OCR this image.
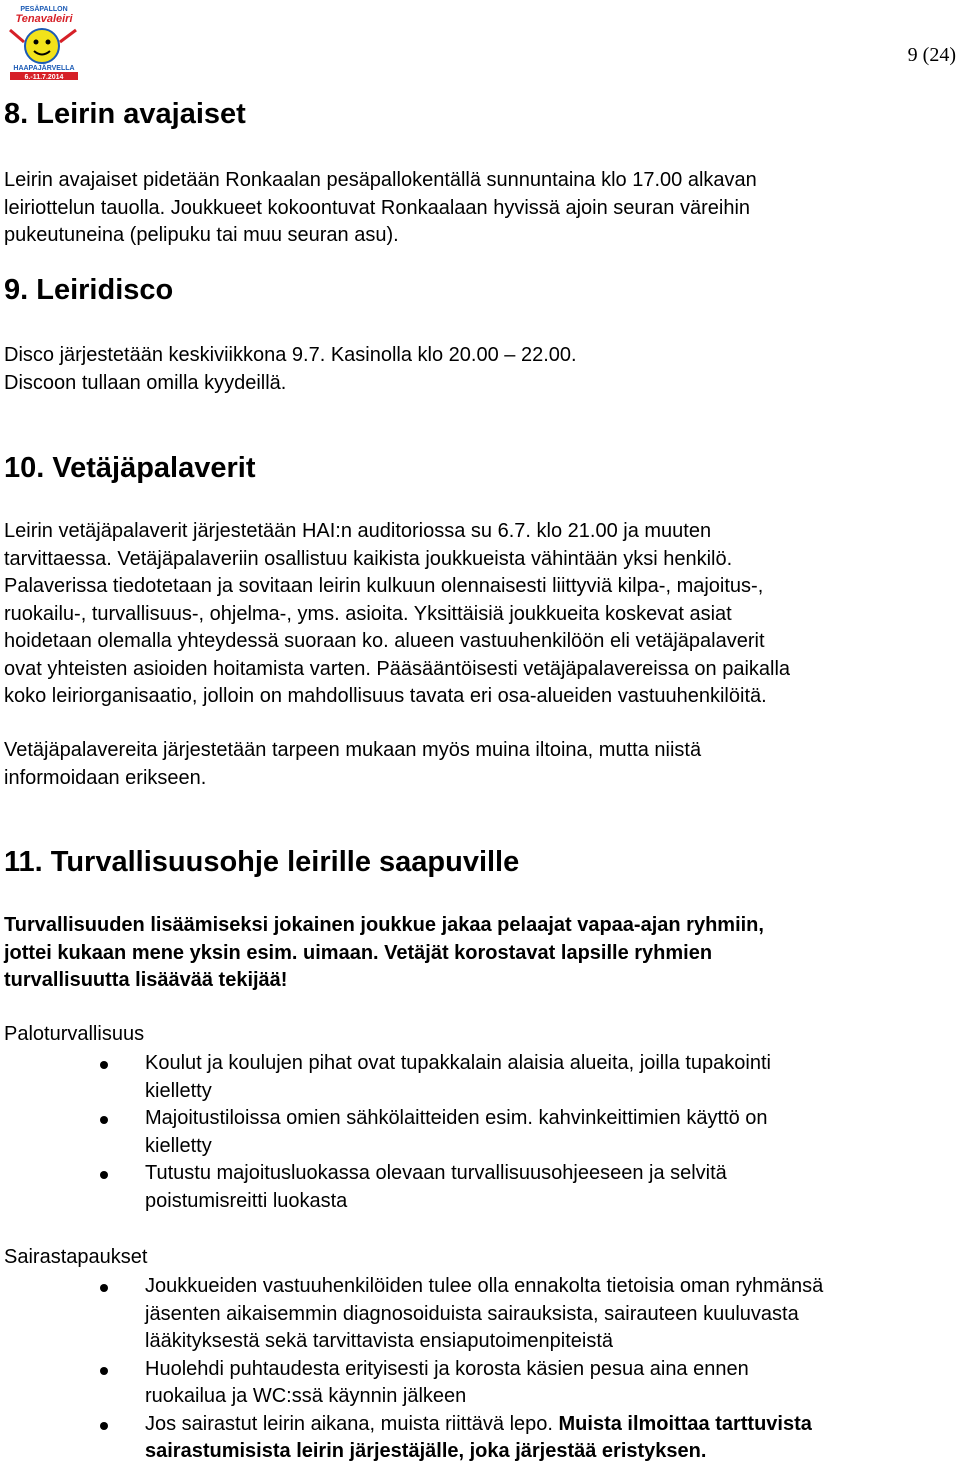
PESÄPALLON
Tenavaleiri
HAAPAJÄRVELLA
6.-11.7.2014
9 (24)
8. Leirin avajaiset

Leirin avajaiset pidetään Ronkaalan pesäpallokentällä sunnuntaina klo 17.00 alkavan
leiriottelun tauolla. Joukkueet kokoontuvat Ronkaalaan hyvissä ajoin seuran väreihin
pukeutuneina (pelipuku tai muu seuran asu).

9. Leiridisco

Disco järjestetään keskiviikkona 9.7. Kasinolla klo 20.00 – 22.00.
Discoon tullaan omilla kyydeillä.

10. Vetäjäpalaverit

Leirin vetäjäpalaverit järjestetään HAI:n auditoriossa su 6.7. klo 21.00 ja muuten
tarvittaessa. Vetäjäpalaveriin osallistuu kaikista joukkueista vähintään yksi henkilö.
Palaverissa tiedotetaan ja sovitaan leirin kulkuun olennaisesti liittyviä kilpa-, majoitus-,
ruokailu-, turvallisuus-, ohjelma-, yms. asioita. Yksittäisiä joukkueita koskevat asiat
hoidetaan olemalla yhteydessä suoraan ko. alueen vastuuhenkilöön eli vetäjäpalaverit
ovat yhteisten asioiden hoitamista varten. Pääsääntöisesti vetäjäpalavereissa on paikalla
koko leiriorganisaatio, jolloin on mahdollisuus tavata eri osa-alueiden vastuuhenkilöitä.

Vetäjäpalavereita järjestetään tarpeen mukaan myös muina iltoina, mutta niistä
informoidaan erikseen.

11. Turvallisuusohje leirille saapuville

Turvallisuuden lisäämiseksi jokainen joukkue jakaa pelaajat vapaa-ajan ryhmiin,
jottei kukaan mene yksin esim. uimaan. Vetäjät korostavat lapsille ryhmien
turvallisuutta lisäävää tekijää!

Paloturvallisuus

Koulut ja koulujen pihat ovat tupakkalain alaisia alueita, joilla tupakointi
kielletty
Majoitustiloissa omien sähkölaitteiden esim. kahvinkeittimien käyttö on
kielletty
Tutustu majoitusluokassa olevaan turvallisuusohjeeseen ja selvitä
poistumisreitti luokasta

Sairastapaukset

Joukkueiden vastuuhenkilöiden tulee olla ennakolta tietoisia oman ryhmänsä
jäsenten aikaisemmin diagnosoiduista sairauksista, sairauteen kuuluvasta
lääkityksestä sekä tarvittavista ensiaputoimenpiteistä
Huolehdi puhtaudesta erityisesti ja korosta käsien pesua aina ennen
ruokailua ja WC:ssä käynnin jälkeen
Jos sairastut leirin aikana, muista riittävä lepo. Muista ilmoittaa tarttuvista
sairastumisista leirin järjestäjälle, joka järjestää eristyksen.
